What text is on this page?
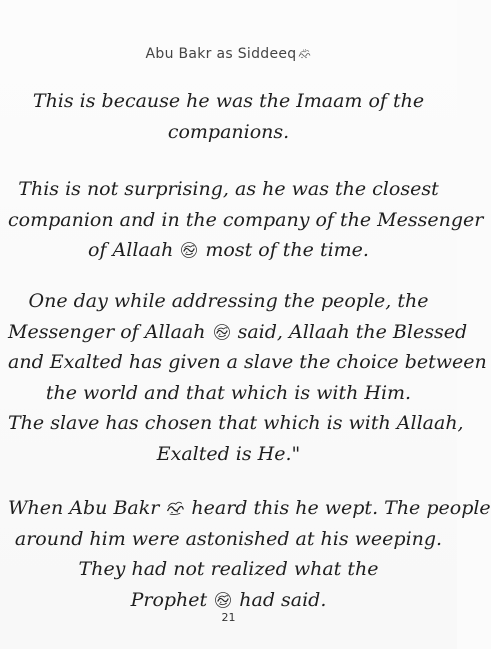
Abu Bakr as Siddeeq

This is because he was the Imaam of the
companions.

This is not surprising, as he was the closest
companion and in the company of the Messenger
of Allaah
most of the time.

One day while addressing the people, the
Messenger of Allaah
said, Allaah the Blessed
and Exalted has given a slave the choice between
the world and that which is with Him.
The slave has chosen that which is with Allaah,
Exalted is He."

When Abu Bakr
heard this he wept. The people
around him were astonished at his weeping.
They had not realized what the
Prophet
had said.

21
